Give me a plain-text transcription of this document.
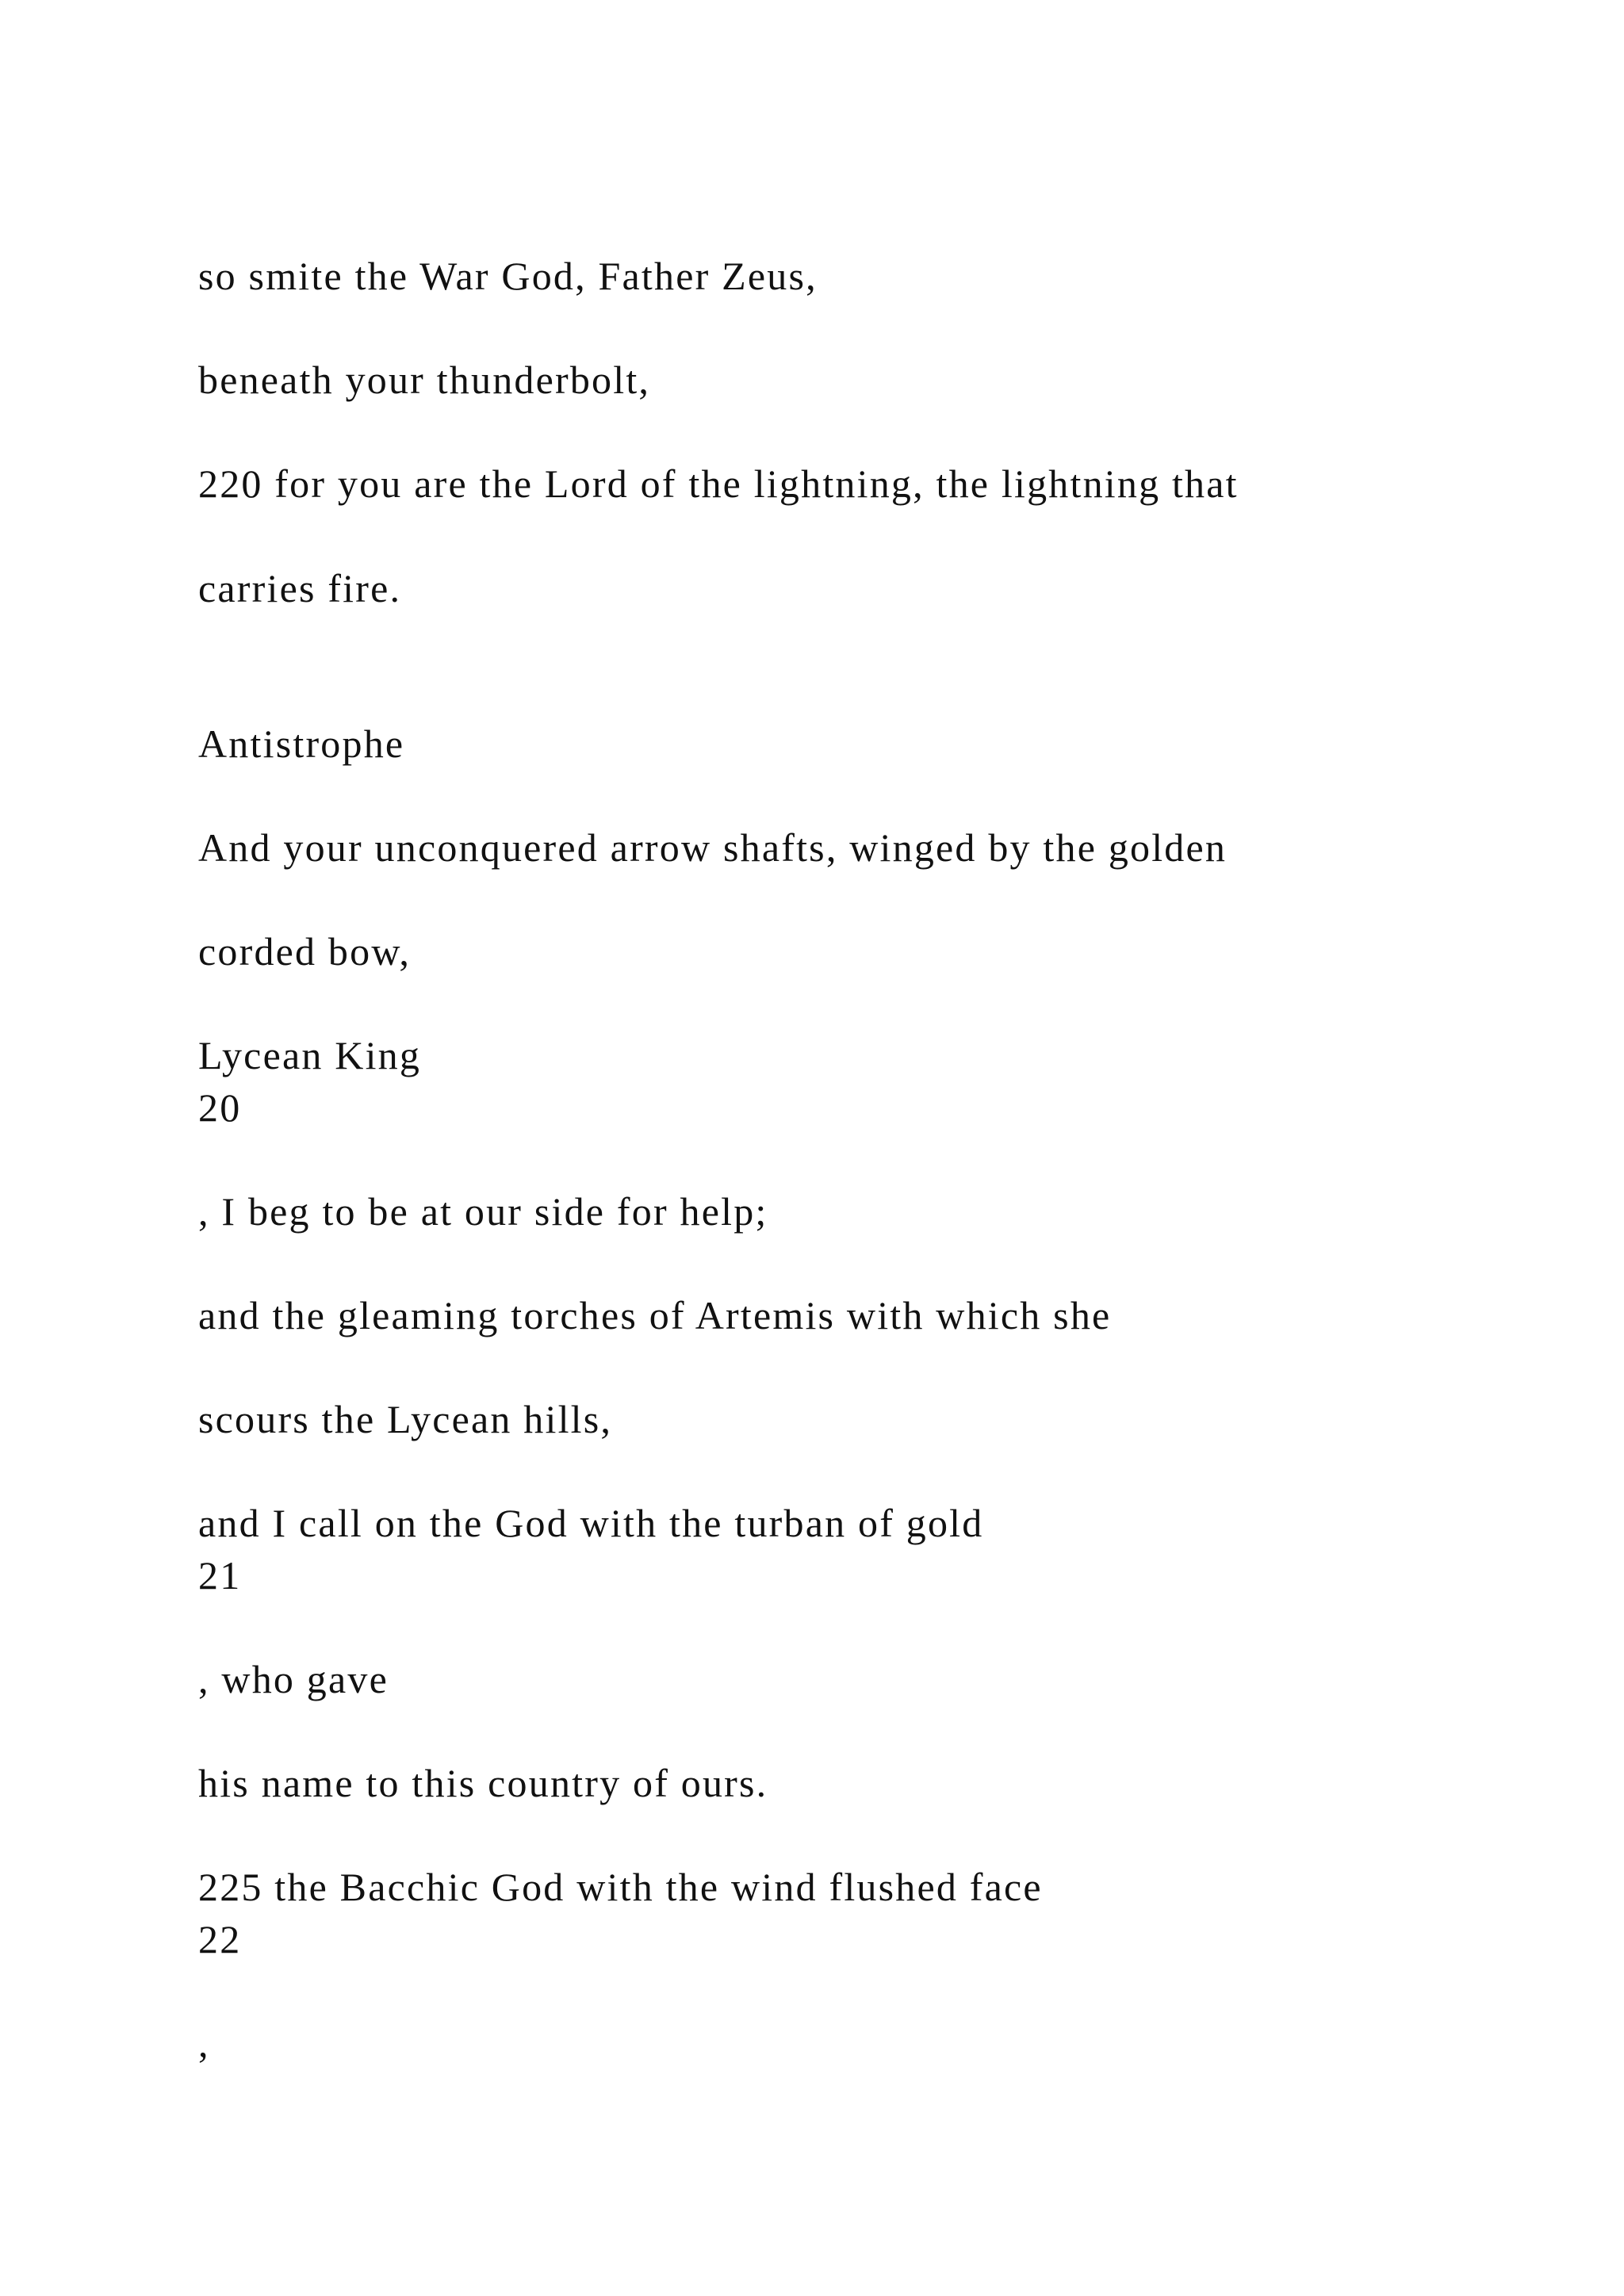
so smite the War God, Father Zeus,

beneath your thunderbolt,

220 for you are the Lord of the lightning, the lightning that

carries fire.

Antistrophe

And your unconquered arrow shafts, winged by the golden

corded bow,

Lycean King

20

, I beg to be at our side for help;

and the gleaming torches of Artemis with which she

scours the Lycean hills,

and I call on the God with the turban of gold

21

, who gave

his name to this country of ours.

225 the Bacchic God with the wind flushed face

22

,
